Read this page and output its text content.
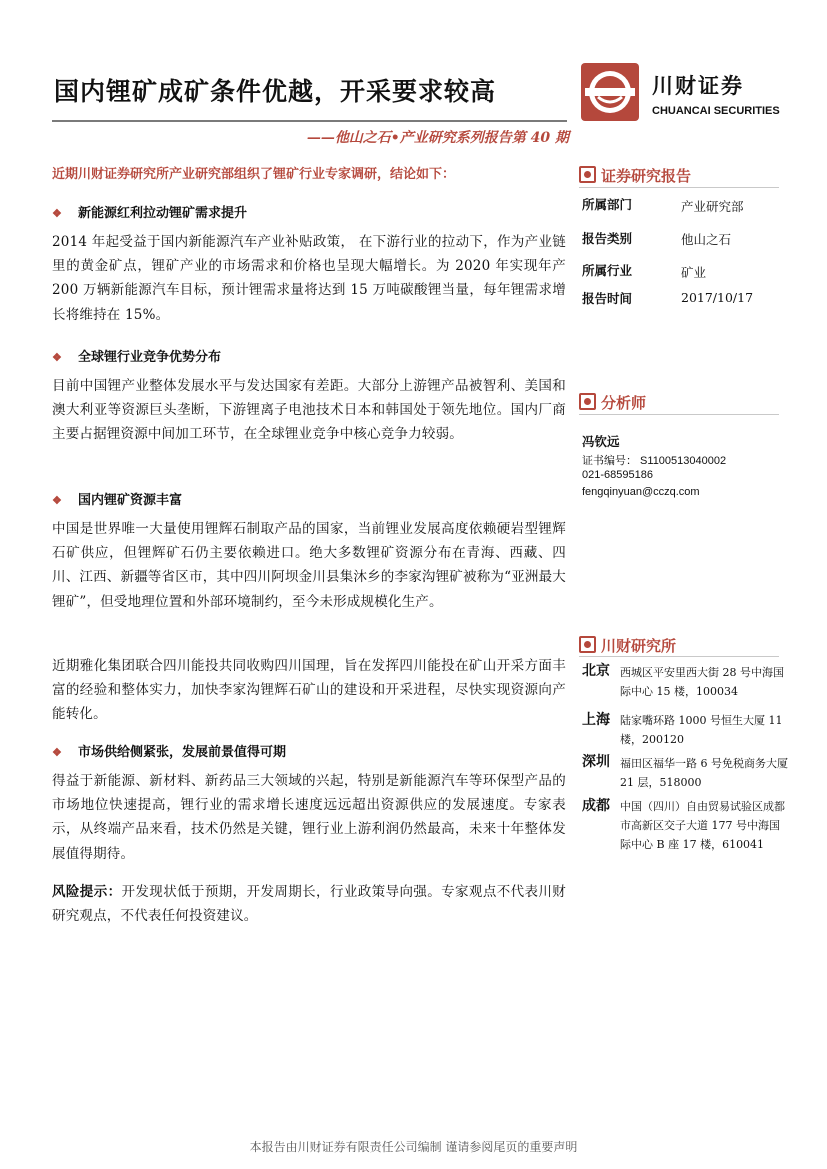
国内锂矿成矿条件优越，开采要求较高
——他山之石•产业研究系列报告第 40 期
川财证券
CHUANCAI SECURITIES
近期川财证券研究所产业研究部组织了锂矿行业专家调研，结论如下：
❖ 新能源红利拉动锂矿需求提升
2014 年起受益于国内新能源汽车产业补贴政策， 在下游行业的拉动下，作为产业链里的黄金矿点，锂矿产业的市场需求和价格也呈现大幅增长。为 2020 年实现年产 200 万辆新能源汽车目标，预计锂需求量将达到 15 万吨碳酸锂当量，每年锂需求增长将维持在 15%。
❖ 全球锂行业竞争优势分布
目前中国锂产业整体发展水平与发达国家有差距。大部分上游锂产品被智利、美国和澳大利亚等资源巨头垄断，下游锂离子电池技术日本和韩国处于领先地位。国内厂商主要占据锂资源中间加工环节，在全球锂业竞争中核心竞争力较弱。
❖ 国内锂矿资源丰富
中国是世界唯一大量使用锂辉石制取产品的国家，当前锂业发展高度依赖硬岩型锂辉石矿供应，但锂辉矿石仍主要依赖进口。绝大多数锂矿资源分布在青海、西藏、四川、江西、新疆等省区市，其中四川阿坝金川县集沐乡的李家沟锂矿被称为“亚洲最大锂矿”，但受地理位置和外部环境制约，至今未形成规模化生产。
近期雅化集团联合四川能投共同收购四川国理，旨在发挥四川能投在矿山开采方面丰富的经验和整体实力，加快李家沟锂辉石矿山的建设和开采进程，尽快实现资源向产能转化。
❖ 市场供给侧紧张，发展前景值得可期
得益于新能源、新材料、新药品三大领域的兴起，特别是新能源汽车等环保型产品的市场地位快速提高，锂行业的需求增长速度远远超出资源供应的发展速度。专家表示，从终端产品来看，技术仍然是关键，锂行业上游利润仍然最高，未来十年整体发展值得期待。
风险提示：开发现状低于预期，开发周期长，行业政策导向强。专家观点不代表川财研究观点，不代表任何投资建议。
证券研究报告
所属部门	产业研究部
报告类别	他山之石
所属行业	矿业
报告时间	2017/10/17
分析师
冯钦远
证书编号： S1100513040002
021-68595186
fengqinyuan@cczq.com
川财研究所
北京 西城区平安里西大街 28 号中海国际中心 15 楼，100034
上海 陆家嘴环路 1000 号恒生大厦 11 楼，200120
深圳 福田区福华一路 6 号免税商务大厦 21 层，518000
成都 中国（四川）自由贸易试验区成都市高新区交子大道 177 号中海国际中心 B 座 17 楼，610041
本报告由川财证券有限责任公司编制 谨请参阅尾页的重要声明
